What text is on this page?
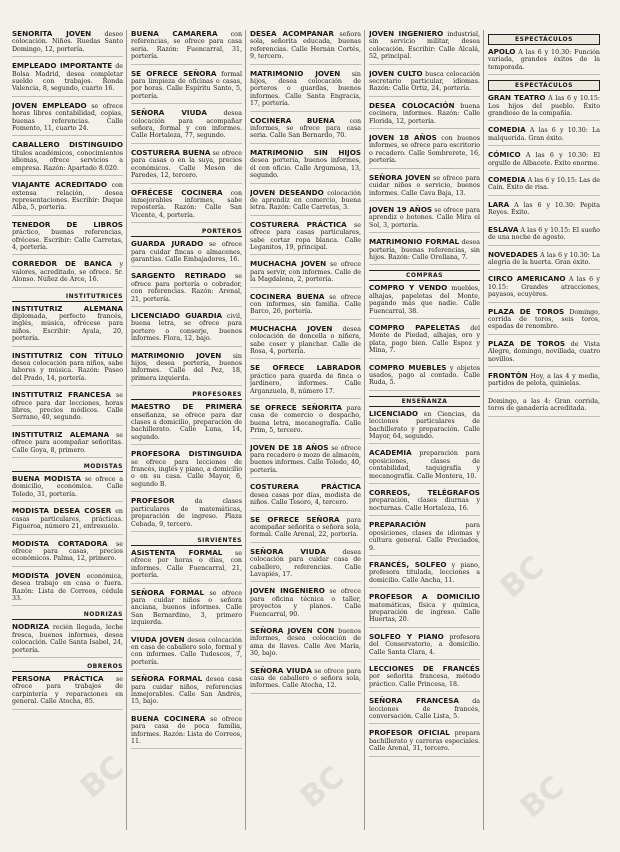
BC	BC	BC
BC
SEÑORITA JOVEN deseo colocación. Niños. Ruedas Santo Domingo, 12, portería.
EMPLEADO IMPORTANTE de Bolsa Madrid, desea completar sueldo con trabajos. Ronda Valencia, 8, segundo, cuarto 16.
JOVEN EMPLEADO se ofrece horas libres contabilidad, copias, buenas referencias. Calle Fomento, 11, cuarto 24.
CABALLERO DISTINGUIDO títulos académicos, conocimientos idiomas, ofrece servicios a empresa. Razón: Apartado 8.020.
VIAJANTE ACREDITADO con extensa relación, desea representaciones. Escribir: Duque Alba, 5, portería.
TENEDOR DE LIBROS práctico, buenas referencias, ofrécese. Escribir: Calle Carretas, 4, portería.
CORREDOR DE BANCA y valores, acreditado, se ofrece. Sr. Alonso. Núñez de Arce, 16.
INSTITUTRICES
INSTITUTRIZ ALEMANA diplomada, perfecto francés, inglés, música, ofrécese para niños. Escribir: Ayala, 20, portería.
INSTITUTRIZ CON TÍTULO desea colocación para niños, sabe labores y música. Razón: Paseo del Prado, 14, portería.
INSTITUTRIZ FRANCESA se ofrece para dar lecciones, horas libres, precios módicos. Calle Serrano, 40, segundo.
INSTITUTRIZ ALEMANA se ofrece para acompañar señoritas. Calle Goya, 8, primero.
MODISTAS
BUENA MODISTA se ofrece a domicilio, económica. Calle Toledo, 31, portería.
MODISTA DESEA COSER en casas particulares, prácticas. Figueroa, número 21, entresuelo.
MODISTA CORTADORA se ofrece para casas, precios económicos. Palma, 12, primero.
MODISTA JOVEN económica, desea trabajo en casa o fuera. Razón: Lista de Correos, cédula 33.
NODRIZAS
NODRIZA recién llegada, leche fresca, buenos informes, desea colocación. Calle Santa Isabel, 24, portería.
OBREROS
PERSONA PRÁCTICA se ofrece para trabajos de carpintería y reparaciones en general. Calle Atocha, 85.
BUENA CAMARERA con referencias, se ofrece para casa seria. Razón: Fuencarral, 31, portería.
SE OFRECE SEÑORA formal para limpieza de oficinas o casas, por horas. Calle Espíritu Santo, 5, portería.
SEÑORA VIUDA	desea colocación para acompañar señora, formal y con informes. Calle Hortaleza, 77, segundo.
COSTURERA BUENA se ofrece para casas o en la suya, precios económicos. Calle Mesón de Paredes, 12, tercero.
OFRÉCESE COCINERA con inmejorables informes, sabe repostería. Razón: Calle San Vicente, 4, portería.
PORTEROS
GUARDA JURADO se ofrece para cuidar fincas o almacenes, garantías. Calle Embajadores, 16.
SARGENTO RETIRADO se ofrece para portería o cobrador, con referencias. Razón: Arenal, 21, portería.
LICENCIADO GUARDIA civil, buena letra, se ofrece para portero o conserje, buenos informes. Flora, 12, bajo.
MATRIMONIO JOVEN sin hijos, desea portería, buenos informes. Calle del Pez, 18, primera izquierda.
PROFESORES
MAESTRO DE PRIMERA enseñanza, se ofrece para dar clases a domicilio, preparación de bachillerato. Calle Luna, 14, segundo.
PROFESORA DISTINGUIDA se ofrece para lecciones de francés, inglés y piano, a domicilio o en su casa. Calle Mayor, 6, segundo B.
PROFESOR	da clases particulares de matemáticas, preparación de ingreso. Plaza Cebada, 9, tercero.
SIRVIENTES
ASISTENTA FORMAL se ofrece por horas o días, con informes. Calle Fuencarral, 21, portería.
SEÑORA FORMAL se ofrece para cuidar niños o señora anciana, buenos informes. Calle San Bernardino, 3, primero izquierda.
VIUDA JOVEN desea colocación en casa de caballero solo, formal y con informes. Calle Tudescos, 7, portería.
SEÑORA FORMAL desea casa para cuidar niños, referencias inmejorables. Calle San Andrés, 15, bajo.
BUENA COCINERA se ofrece para casa de poca familia, informes. Razón: Lista de Correos, 11.
DESEA ACOMPAÑAR señora sola, señorita educada, buenas referencias. Calle Hernán Cortés, 9, tercero.
MATRIMONIO JOVEN sin hijos, desea colocación de porteros o guardas, buenos informes. Calle Santa Engracia, 17, portería.
COCINERA BUENA con informes, se ofrece para casa seria. Calle San Bernardo, 70.
MATRIMONIO SIN HIJOS desea portería, buenos informes, él con oficio. Calle Argumosa, 13, segundo.
JOVEN DESEANDO colocación de aprendiz en comercio, buena letra. Razón: Calle Carretas, 3.
COSTURERA PRÁCTICA se ofrece para casas particulares, sabe cortar ropa blanca. Calle Leganitos, 19, principal.
MUCHACHA JOVEN se ofrece para servir, con informes. Calle de la Magdalena, 2, portería.
COCINERA BUENA se ofrece con informes, sin familia. Calle Barco, 26, portería.
MUCHACHA JOVEN desea colocación de doncella o niñera, sabe coser y planchar. Calle de Rosa, 4, portería.
SE OFRECE LABRADOR práctico para guarda de finca o jardinero, informes. Calle Arganzuela, 8, número 17.
SE OFRECE SEÑORITA para casa de comercio o despacho, buena letra, mecanografía. Calle Prim, 5, tercero.
JOVEN DE 18 AÑOS se ofrece para recadero o mozo de almacén, buenos informes. Calle Toledo, 40, portería.
COSTURERA PRÁCTICA desea casas por días, modista de niños. Calle Tesoro, 4, tercero.
SE OFRECE SEÑORA para acompañar señorita o señora sola, formal. Calle Arenal, 22, portería.
SEÑORA VIUDA	desea colocación para cuidar casa de caballero, referencias. Calle Lavapiés, 17.
JOVEN INGENIERO se ofrece para oficina técnica o taller, proyectos y planos. Calle Fuencarral, 90.
SEÑORA JOVEN CON buenos informes, desea colocación de ama de llaves. Calle Ave María, 30, bajo.
SEÑORA VIUDA se ofrece para casa de caballero o señora sola, informes. Calle Atocha, 12.
JOVEN INGENIERO industrial, sin servicio militar, desea colocación. Escribir: Calle Alcalá, 52, principal.
JOVEN CULTO busca colocación secretario particular, idiomas. Razón: Calle Ortiz, 24, portería.
DESEA COLOCACIÓN buena cocinera, informes. Razón: Calle Florida, 12, portería.
JOVEN 18 AÑOS con buenos informes, se ofrece para escritorio o recadero. Calle Sombrerete, 16, portería.
SEÑORA JOVEN se ofrece para cuidar niños o servicio, buenos informes. Calle Cava Baja, 13.
JOVEN 19 AÑOS se ofrece para aprendiz o botones. Calle Mira el Sol, 3, portería.
MATRIMONIO FORMAL desea portería, buenas referencias, sin hijos. Razón: Calle Orellana, 7.
COMPRAS
COMPRO Y VENDO muebles, alhajas, papeletas del Monte, pagando más que nadie. Calle Fuencarral, 38.
COMPRO PAPELETAS del Monte de Piedad, alhajas, oro y plata, pago bien. Calle Espoz y Mina, 7.
COMPRO MUEBLES y objetos usados, pago al contado. Calle Ruda, 5.
ENSEÑANZA
LICENCIADO en Ciencias, da lecciones particulares de bachillerato y preparación. Calle Mayor, 64, segundo.
ACADEMIA preparación para oposiciones, clases de contabilidad, taquigrafía y mecanografía. Calle Montera, 10.
CORREOS, TELÉGRAFOS preparación, clases diurnas y nocturnas. Calle Hortaleza, 16.
PREPARACIÓN	para oposiciones, clases de idiomas y cultura general. Calle Preciados, 9.
FRANCÉS, SOLFEO y piano, profesora titulada, lecciones a domicilio. Calle Ancha, 11.
PROFESOR A DOMICILIO matemáticas, física y química, preparación de ingreso. Calle Huertas, 20.
SOLFEO Y PIANO profesora del Conservatorio, a domicilio. Calle Santa Clara, 4.
LECCIONES DE FRANCÉS por señorita francesa, método práctico. Calle Princesa, 18.
SEÑORA FRANCESA da lecciones de francés, conversación. Calle Lista, 5.
PROFESOR OFICIAL prepara bachillerato y carreras especiales. Calle Arenal, 31, tercero.
ESPECTÁCULOS
APOLO A las 6 y 10.30: Función variada, grandes éxitos de la temporada.
ESPECTÁCULOS
GRAN TEATRO A las 6 y 10.15: Los hijos del pueblo. Éxito grandioso de la compañía.
COMEDIA A las 6 y 10.30: La malquerida. Gran éxito.
CÓMICO A las 6 y 10.30: El orgullo de Albacete. Éxito enorme.
COMEDIA A las 6 y 10.15: Las de Caín. Éxito de risa.
LARA A las 6 y 10.30: Pepita Reyes. Éxito.
ESLAVA A las 6 y 10.15: El sueño de una noche de agosto.
NOVEDADES A las 6 y 10.30: La alegría de la huerta. Gran éxito.
CIRCO AMERICANO A las 6 y 10.15: Grandes atracciones, payasos, ecuyères.
PLAZA DE TOROS Domingo, corrida de toros, seis toros, espadas de renombre.
PLAZA DE TOROS de Vista Alegre, domingo, novillada, cuatro novillos.
FRONTÓN Hoy, a las 4 y media, partidos de pelota, quinielas.
Domingo, a las 4: Gran corrida, toros de ganadería acreditada.
